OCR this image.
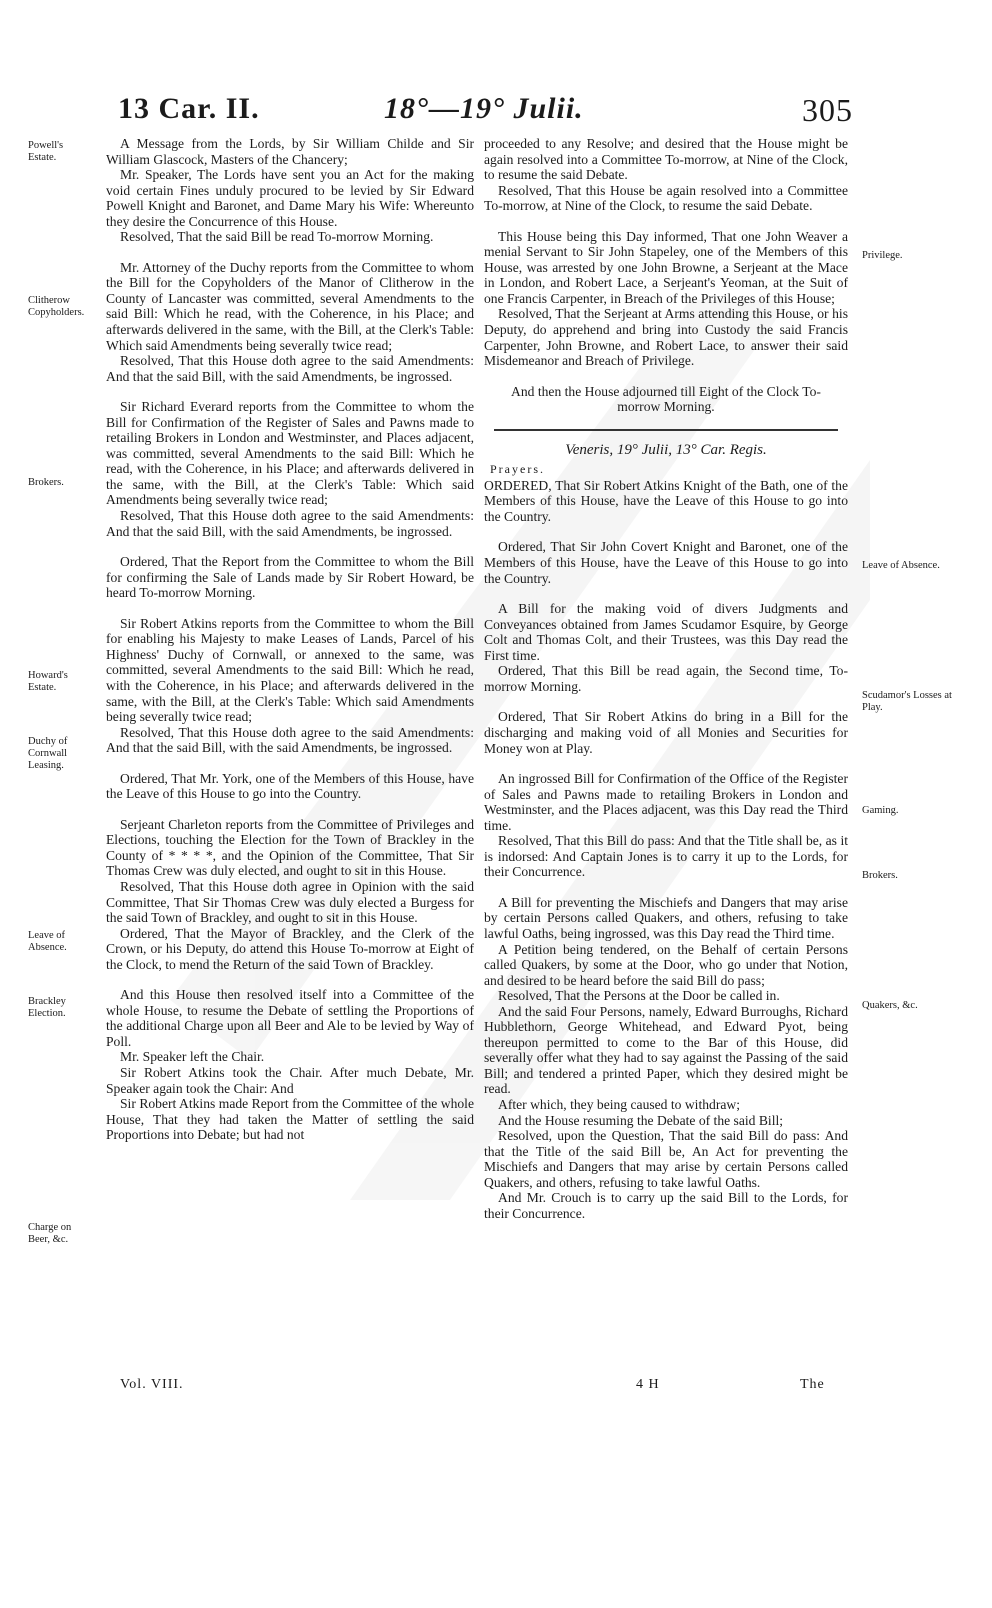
13 Car. II.	18°—19° Julii.	305
Powell's Estate.
Clitherow Copyholders.
Brokers.
Howard's Estate.
Duchy of Cornwall Leasing.
Leave of Absence.
Brackley Election.
Charge on Beer, &c.
Privilege.
Leave of Absence.
Scudamor's Losses at Play.
Gaming.
Brokers.
Quakers, &c.

A Message from the Lords, by Sir William Childe and Sir William Glascock, Masters of the Chancery;

Mr. Speaker, The Lords have sent you an Act for the making void certain Fines unduly procured to be levied by Sir Edward Powell Knight and Baronet, and Dame Mary his Wife: Whereunto they desire the Concurrence of this House.

Resolved, That the said Bill be read To-morrow Morning.

Mr. Attorney of the Duchy reports from the Committee to whom the Bill for the Copyholders of the Manor of Clitherow in the County of Lancaster was committed, several Amendments to the said Bill: Which he read, with the Coherence, in his Place; and afterwards delivered in the same, with the Bill, at the Clerk's Table: Which said Amendments being severally twice read;

Resolved, That this House doth agree to the said Amendments: And that the said Bill, with the said Amendments, be ingrossed.

Sir Richard Everard reports from the Committee to whom the Bill for Confirmation of the Register of Sales and Pawns made to retailing Brokers in London and Westminster, and Places adjacent, was committed, several Amendments to the said Bill: Which he read, with the Coherence, in his Place; and afterwards delivered in the same, with the Bill, at the Clerk's Table: Which said Amendments being severally twice read;

Resolved, That this House doth agree to the said Amendments: And that the said Bill, with the said Amendments, be ingrossed.

Ordered, That the Report from the Committee to whom the Bill for confirming the Sale of Lands made by Sir Robert Howard, be heard To-morrow Morning.

Sir Robert Atkins reports from the Committee to whom the Bill for enabling his Majesty to make Leases of Lands, Parcel of his Highness' Duchy of Cornwall, or annexed to the same, was committed, several Amendments to the said Bill: Which he read, with the Coherence, in his Place; and afterwards delivered in the same, with the Bill, at the Clerk's Table: Which said Amendments being severally twice read;

Resolved, That this House doth agree to the said Amendments: And that the said Bill, with the said Amendments, be ingrossed.

Ordered, That Mr. York, one of the Members of this House, have the Leave of this House to go into the Country.

Serjeant Charleton reports from the Committee of Privileges and Elections, touching the Election for the Town of Brackley in the County of * * * *, and the Opinion of the Committee, That Sir Thomas Crew was duly elected, and ought to sit in this House.

Resolved, That this House doth agree in Opinion with the said Committee, That Sir Thomas Crew was duly elected a Burgess for the said Town of Brackley, and ought to sit in this House.

Ordered, That the Mayor of Brackley, and the Clerk of the Crown, or his Deputy, do attend this House To-morrow at Eight of the Clock, to mend the Return of the said Town of Brackley.

And this House then resolved itself into a Committee of the whole House, to resume the Debate of settling the Proportions of the additional Charge upon all Beer and Ale to be levied by Way of Poll.

Mr. Speaker left the Chair.

Sir Robert Atkins took the Chair. After much Debate, Mr. Speaker again took the Chair: And

Sir Robert Atkins made Report from the Committee of the whole House, That they had taken the Matter of settling the said Proportions into Debate; but had not

proceeded to any Resolve; and desired that the House might be again resolved into a Committee To-morrow, at Nine of the Clock, to resume the said Debate.

Resolved, That this House be again resolved into a Committee To-morrow, at Nine of the Clock, to resume the said Debate.

This House being this Day informed, That one John Weaver a menial Servant to Sir John Stapeley, one of the Members of this House, was arrested by one John Browne, a Serjeant at the Mace in London, and Robert Lace, a Serjeant's Yeoman, at the Suit of one Francis Carpenter, in Breach of the Privileges of this House;

Resolved, That the Serjeant at Arms attending this House, or his Deputy, do apprehend and bring into Custody the said Francis Carpenter, John Browne, and Robert Lace, to answer their said Misdemeanor and Breach of Privilege.

And then the House adjourned till Eight of the Clock To-morrow Morning.

Veneris, 19° Julii, 13° Car. Regis.
Prayers.

ORDERED, That Sir Robert Atkins Knight of the Bath, one of the Members of this House, have the Leave of this House to go into the Country.

Ordered, That Sir John Covert Knight and Baronet, one of the Members of this House, have the Leave of this House to go into the Country.

A Bill for the making void of divers Judgments and Conveyances obtained from James Scudamor Esquire, by George Colt and Thomas Colt, and their Trustees, was this Day read the First time.

Ordered, That this Bill be read again, the Second time, To-morrow Morning.

Ordered, That Sir Robert Atkins do bring in a Bill for the discharging and making void of all Monies and Securities for Money won at Play.

An ingrossed Bill for Confirmation of the Office of the Register of Sales and Pawns made to retailing Brokers in London and Westminster, and the Places adjacent, was this Day read the Third time.

Resolved, That this Bill do pass: And that the Title shall be, as it is indorsed: And Captain Jones is to carry it up to the Lords, for their Concurrence.

A Bill for preventing the Mischiefs and Dangers that may arise by certain Persons called Quakers, and others, refusing to take lawful Oaths, being ingrossed, was this Day read the Third time.

A Petition being tendered, on the Behalf of certain Persons called Quakers, by some at the Door, who go under that Notion, and desired to be heard before the said Bill do pass;

Resolved, That the Persons at the Door be called in.

And the said Four Persons, namely, Edward Burroughs, Richard Hubblethorn, George Whitehead, and Edward Pyot, being thereupon permitted to come to the Bar of this House, did severally offer what they had to say against the Passing of the said Bill; and tendered a printed Paper, which they desired might be read.

After which, they being caused to withdraw;

And the House resuming the Debate of the said Bill;

Resolved, upon the Question, That the said Bill do pass: And that the Title of the said Bill be, An Act for preventing the Mischiefs and Dangers that may arise by certain Persons called Quakers, and others, refusing to take lawful Oaths.

And Mr. Crouch is to carry up the said Bill to the Lords, for their Concurrence.

Vol. VIII.	4 H	The
